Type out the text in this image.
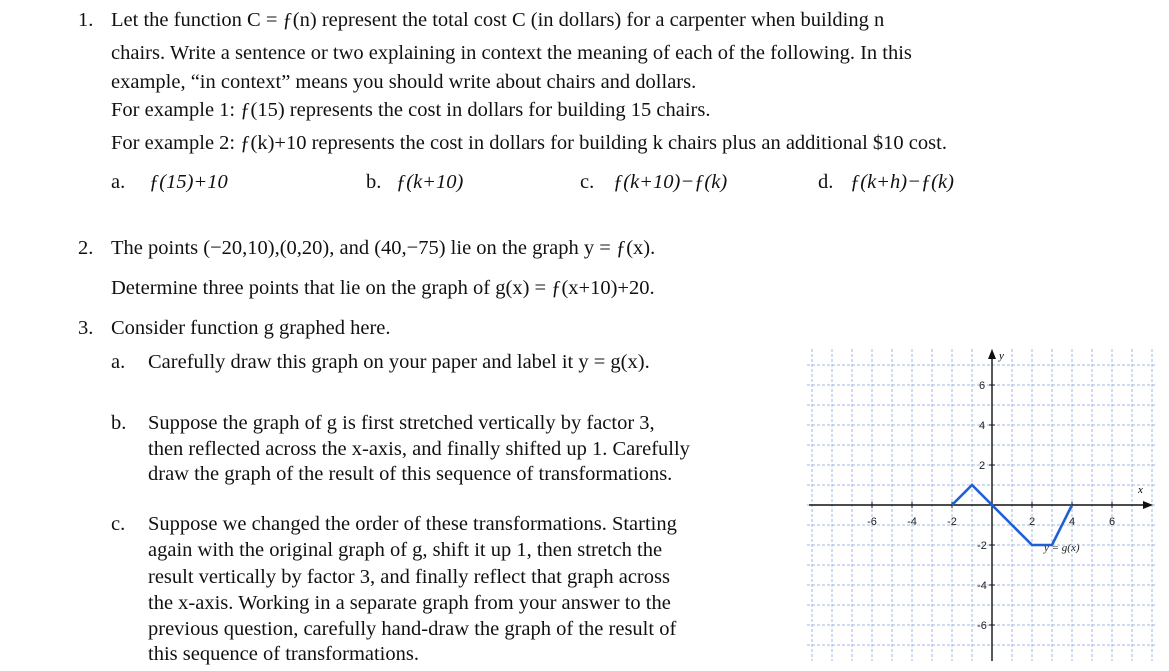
1. Let the function C = ƒ(n) represent the total cost C (in dollars) for a carpenter when building n
chairs. Write a sentence or two explaining in context the meaning of each of the following. In this
example, “in context” means you should write about chairs and dollars.
For example 1: ƒ(15) represents the cost in dollars for building 15 chairs.
For example 2: ƒ(k)+10 represents the cost in dollars for building k chairs plus an additional $10 cost.
a. ƒ(15)+10	b. ƒ(k+10)	c. ƒ(k+10)−ƒ(k)	d. ƒ(k+h)−ƒ(k)
2. The points (−20,10),(0,20), and (40,−75) lie on the graph y = ƒ(x).
Determine three points that lie on the graph of g(x) = ƒ(x+10)+20.
3. Consider function g graphed here.
a. Carefully draw this graph on your paper and label it y = g(x).
b. Suppose the graph of g is first stretched vertically by factor 3,
then reflected across the x-axis, and finally shifted up 1. Carefully
draw the graph of the result of this sequence of transformations.
c. Suppose we changed the order of these transformations. Starting
again with the original graph of g, shift it up 1, then stretch the
result vertically by factor 3, and finally reflect that graph across
the x-axis. Working in a separate graph from your answer to the
previous question, carefully hand-draw the graph of the result of
this sequence of transformations.
y
x
-6	-4	-2	2	4	6
6
4
2
-2
-4
-6
y = g(x)
